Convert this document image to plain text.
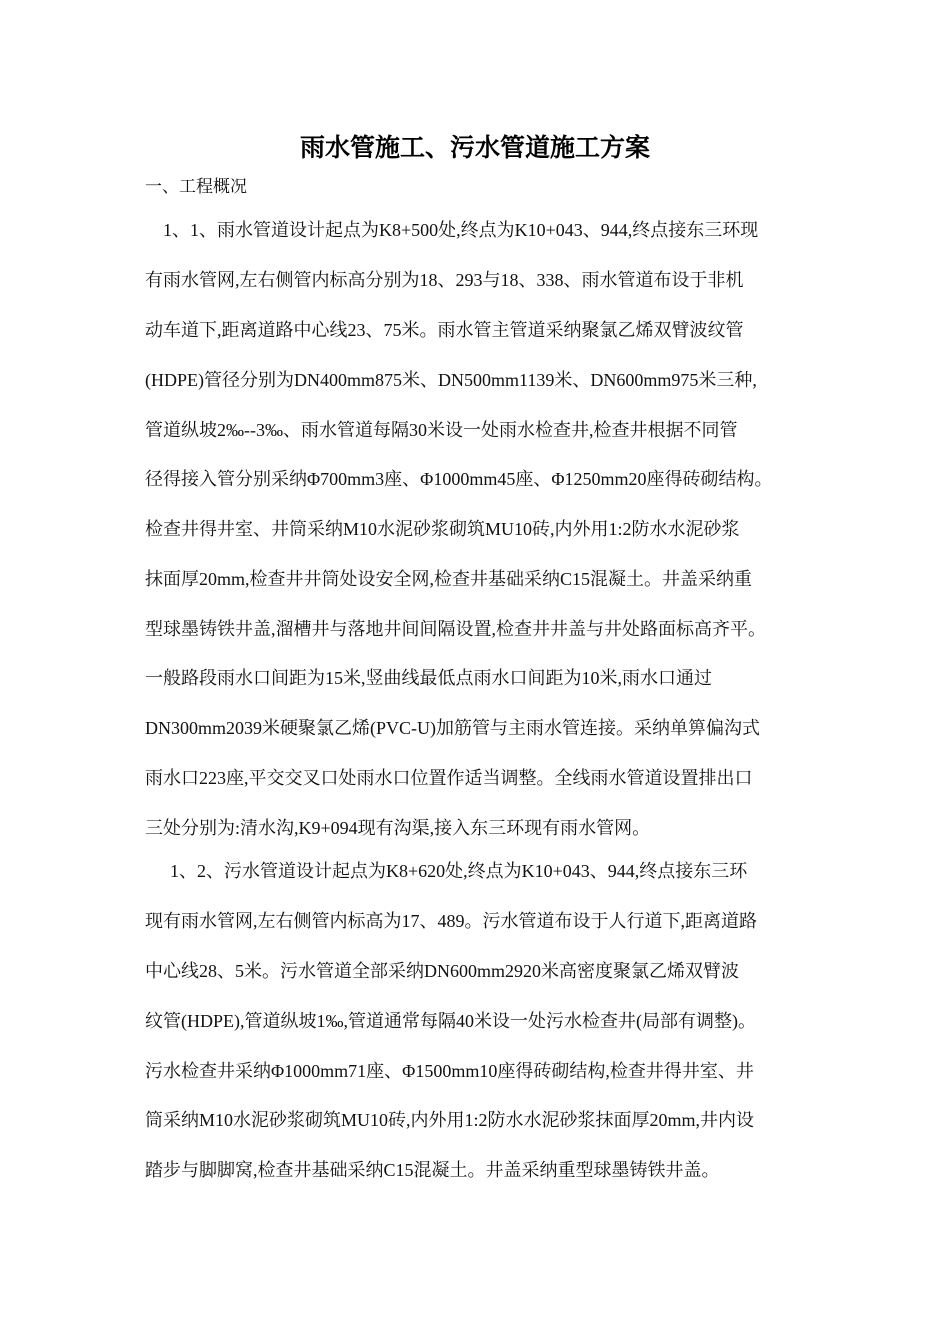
雨水管施工、污水管道施工方案
一、工程概况
1、1、雨水管道设计起点为K8+500处,终点为K10+043、944,终点接东三环现
有雨水管网,左右侧管内标高分别为18、293与18、338、雨水管道布设于非机
动车道下,距离道路中心线23、75米。雨水管主管道采纳聚氯乙烯双臂波纹管
(HDPE)管径分别为DN400mm875米、DN500mm1139米、DN600mm975米三种,
管道纵坡2‰--3‰、雨水管道每隔30米设一处雨水检查井,检查井根据不同管
径得接入管分别采纳Φ700mm3座、Φ1000mm45座、Φ1250mm20座得砖砌结构。
检查井得井室、井筒采纳M10水泥砂浆砌筑MU10砖,内外用1:2防水水泥砂浆
抹面厚20mm,检查井井筒处设安全网,检查井基础采纳C15混凝土。井盖采纳重
型球墨铸铁井盖,溜槽井与落地井间间隔设置,检查井井盖与井处路面标高齐平。
一般路段雨水口间距为15米,竖曲线最低点雨水口间距为10米,雨水口通过
DN300mm2039米硬聚氯乙烯(PVC-U)加筋管与主雨水管连接。采纳单箅偏沟式
雨水口223座,平交交叉口处雨水口位置作适当调整。全线雨水管道设置排出口
三处分别为:清水沟,K9+094现有沟渠,接入东三环现有雨水管网。
1、2、污水管道设计起点为K8+620处,终点为K10+043、944,终点接东三环
现有雨水管网,左右侧管内标高为17、489。污水管道布设于人行道下,距离道路
中心线28、5米。污水管道全部采纳DN600mm2920米高密度聚氯乙烯双臂波
纹管(HDPE),管道纵坡1‰,管道通常每隔40米设一处污水检查井(局部有调整)。
污水检查井采纳Φ1000mm71座、Φ1500mm10座得砖砌结构,检查井得井室、井
筒采纳M10水泥砂浆砌筑MU10砖,内外用1:2防水水泥砂浆抹面厚20mm,井内设
踏步与脚脚窝,检查井基础采纳C15混凝土。井盖采纳重型球墨铸铁井盖。
